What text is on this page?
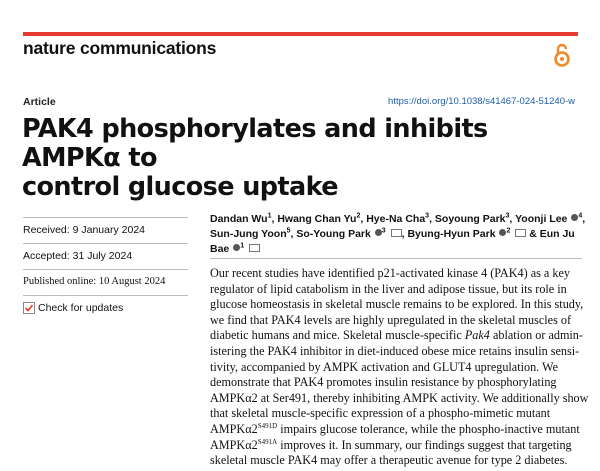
nature communications
Article	https://doi.org/10.1038/s41467-024-51240-w
PAK4 phosphorylates and inhibits AMPKα to
control glucose uptake
Received: 9 January 2024
Accepted: 31 July 2024
Published online: 10 August 2024
Check for updates
Dandan Wu$^1$, Hwang Chan Yu$^2$, Hye-Na Cha$^3$, Soyoung Park$^3$, Yoonji Lee $^4$,
Sun-Jung Yoon$^5$, So-Young Park $^3$ , Byung-Hyun Park $^2$  & Eun Ju Bae $^1$
Our recent studies have identified p21-activated kinase 4 (PAK4) as a key
regulator of lipid catabolism in the liver and adipose tissue, but its role in
glucose homeostasis in skeletal muscle remains to be explored. In this study,
we find that PAK4 levels are highly upregulated in the skeletal muscles of
diabetic humans and mice. Skeletal muscle-specific Pak4 ablation or admin-
istering the PAK4 inhibitor in diet-induced obese mice retains insulin sensi-
tivity, accompanied by AMPK activation and GLUT4 upregulation. We
demonstrate that PAK4 promotes insulin resistance by phosphorylating
AMPKα2 at Ser491, thereby inhibiting AMPK activity. We additionally show
that skeletal muscle-specific expression of a phospho-mimetic mutant
$AMPK\alpha 2^{S491D}$ impairs glucose tolerance, while the phospho-inactive mutant
$AMPK\alpha 2^{S491A}$ improves it. In summary, our findings suggest that targeting
skeletal muscle PAK4 may offer a therapeutic avenue for type 2 diabetes.
